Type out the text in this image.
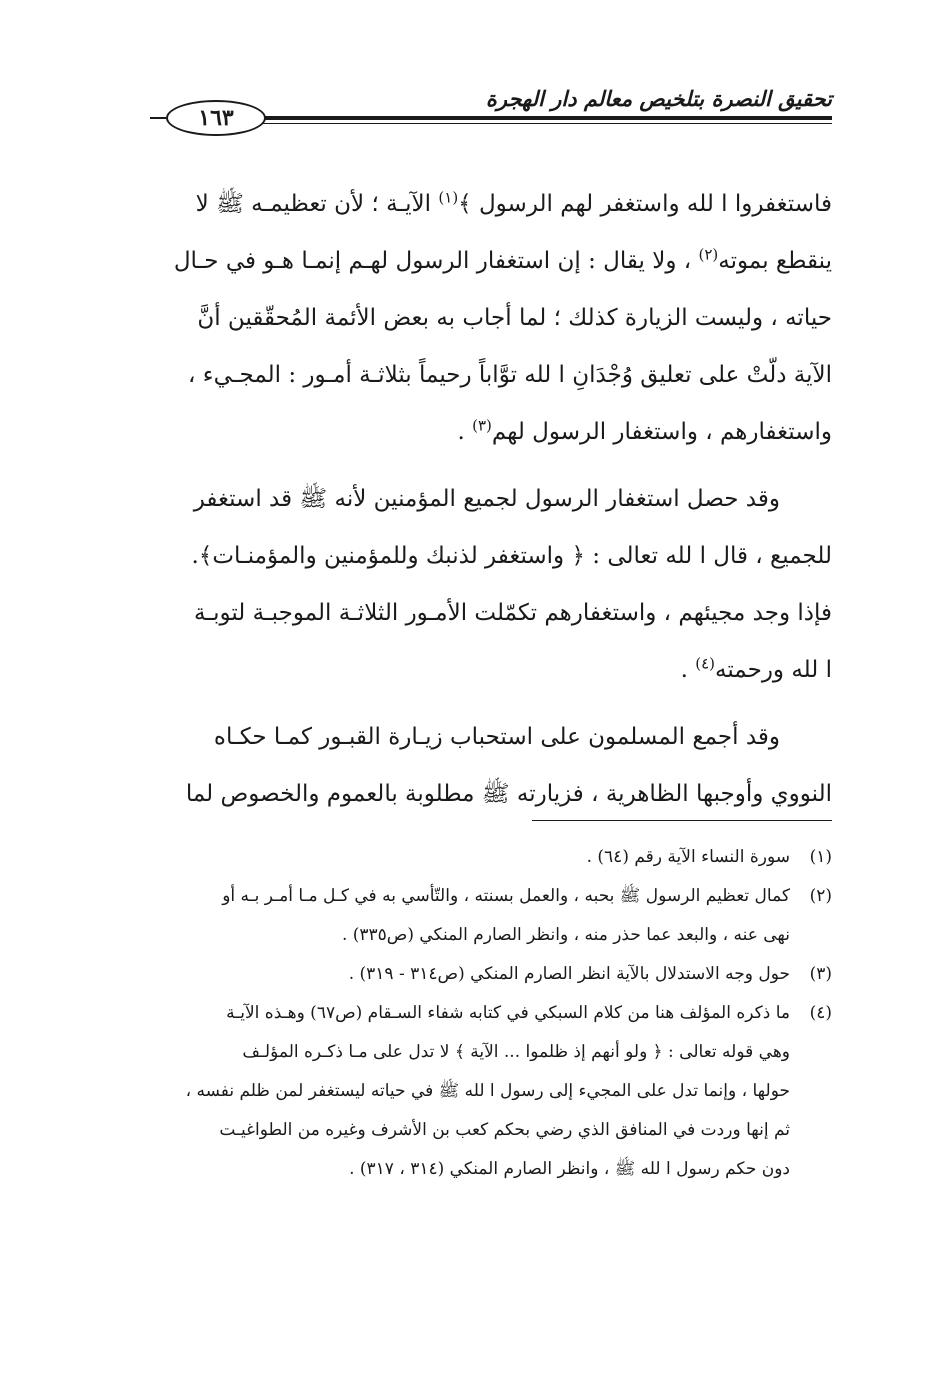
تحقيق النصرة بتلخيص معالم دار الهجرة
١٦٣

فاستغفروا ا لله واستغفر لهم الرسول ﴾$^{(١)}$ الآيـة ؛ لأن تعظيمـه ﷺ لا

ينقطع بموته$^{(٢)}$ ، ولا يقال : إن استغفار الرسول لهـم إنمـا هـو في حـال

حياته ، وليست الزيارة كذلك ؛ لما أجاب به بعض الأئمة المُحقّقين أنَّ

الآية دلّتْ على تعليق وُجْدَانِ ا لله توَّاباً رحيماً بثلاثـة أمـور : المجـيء ،

واستغفارهم ، واستغفار الرسول لهم$^{(٣)}$ .

وقد حصل استغفار الرسول لجميع المؤمنين لأنه ﷺ قد استغفر

للجميع ، قال ا لله تعالى : ﴿ واستغفر لذنبك وللمؤمنين والمؤمنـات﴾.

فإذا وجد مجيئهم ، واستغفارهم تكمّلت الأمـور الثلاثـة الموجبـة لتوبـة

ا لله ورحمته$^{(٤)}$ .

وقد أجمع المسلمون على استحباب زيـارة القبـور كمـا حكـاه

النووي وأوجبها الظاهرية ، فزيارته ﷺ مطلوبة بالعموم والخصوص لما

(١)

سورة النساء الآية رقم (٦٤) .

(٢)

كمال تعظيم الرسول ﷺ بحبه ، والعمل بسنته ، والتّأسي به في كـل مـا أمـر بـه أو

نهى عنه ، والبعد عما حذر منه ، وانظر الصارم المنكي (ص٣٣٥) .

(٣)

حول وجه الاستدلال بالآية انظر الصارم المنكي (ص٣١٤ - ٣١٩) .

(٤)

ما ذكره المؤلف هنا من كلام السبكي في كتابه شفاء السـقام (ص٦٧) وهـذه الآيـة

وهي قوله تعالى : ﴿ ولو أنهم إذ ظلموا ... الآية ﴾ لا تدل على مـا ذكـره المؤلـف

حولها ، وإنما تدل على المجيء إلى رسول ا لله ﷺ في حياته ليستغفر لمن ظلم نفسه ،

ثم إنها وردت في المنافق الذي رضي بحكم كعب بن الأشرف وغيره من الطواغيـت

دون حكم رسول ا لله ﷺ ، وانظر الصارم المنكي (٣١٤ ، ٣١٧) .
